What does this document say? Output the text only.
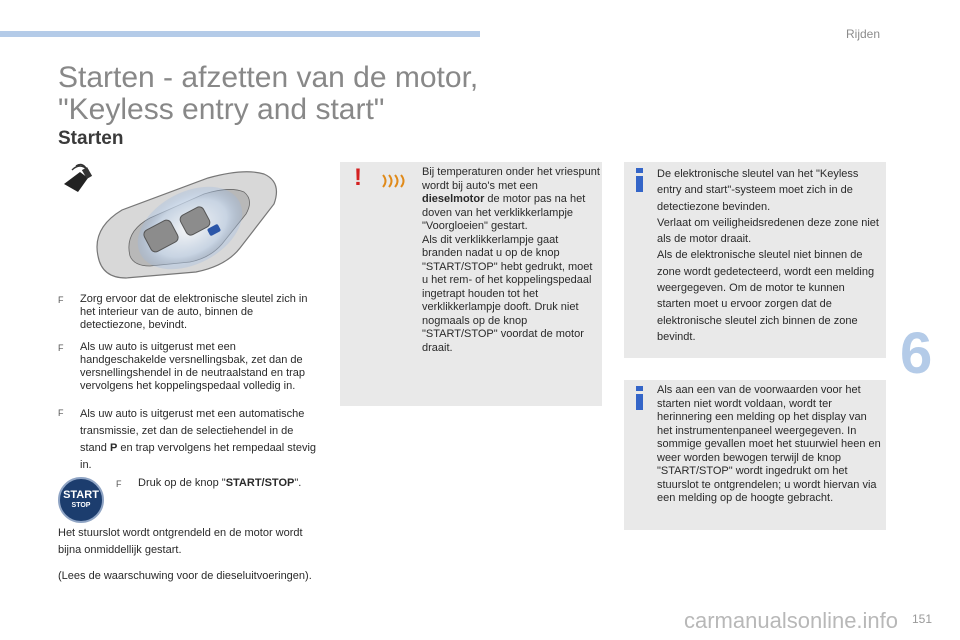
Rijden
6
151
Starten - afzetten van de motor,
"Keyless entry and start"
Starten
F Zorg ervoor dat de elektronische sleutel zich in het interieur van de auto, binnen de detectiezone, bevindt.
F Als uw auto is uitgerust met een handgeschakelde versnellingsbak, zet dan de versnellingshendel in de neutraalstand en trap vervolgens het koppelingspedaal volledig in.
F Als uw auto is uitgerust met een automatische transmissie, zet dan de selectiehendel in de stand P en trap vervolgens het rempedaal stevig in.
START
STOP
F Druk op de knop "START/STOP".
Het stuurslot wordt ontgrendeld en de motor wordt bijna onmiddellijk gestart.
(Lees de waarschuwing voor de dieseluitvoeringen).
!	Bij temperaturen onder het vriespunt wordt bij auto's met een dieselmotor de motor pas na het doven van het verklikkerlampje "Voorgloeien" gestart.
Als dit verklikkerlampje gaat branden nadat u op de knop "START/STOP" hebt gedrukt, moet u het rem- of het koppelingspedaal ingetrapt houden tot het verklikkerlampje dooft. Druk niet nogmaals op de knop "START/STOP" voordat de motor draait.
De elektronische sleutel van het "Keyless entry and start"-systeem moet zich in de detectiezone bevinden.
Verlaat om veiligheidsredenen deze zone niet als de motor draait.
Als de elektronische sleutel niet binnen de zone wordt gedetecteerd, wordt een melding weergegeven. Om de motor te kunnen starten moet u ervoor zorgen dat de elektronische sleutel zich binnen de zone bevindt.
Als aan een van de voorwaarden voor het starten niet wordt voldaan, wordt ter herinnering een melding op het display van het instrumentenpaneel weergegeven. In sommige gevallen moet het stuurwiel heen en weer worden bewogen terwijl de knop "START/STOP" wordt ingedrukt om het stuurslot te ontgrendelen; u wordt hiervan via een melding op de hoogte gebracht.
carmanualsonline.info
